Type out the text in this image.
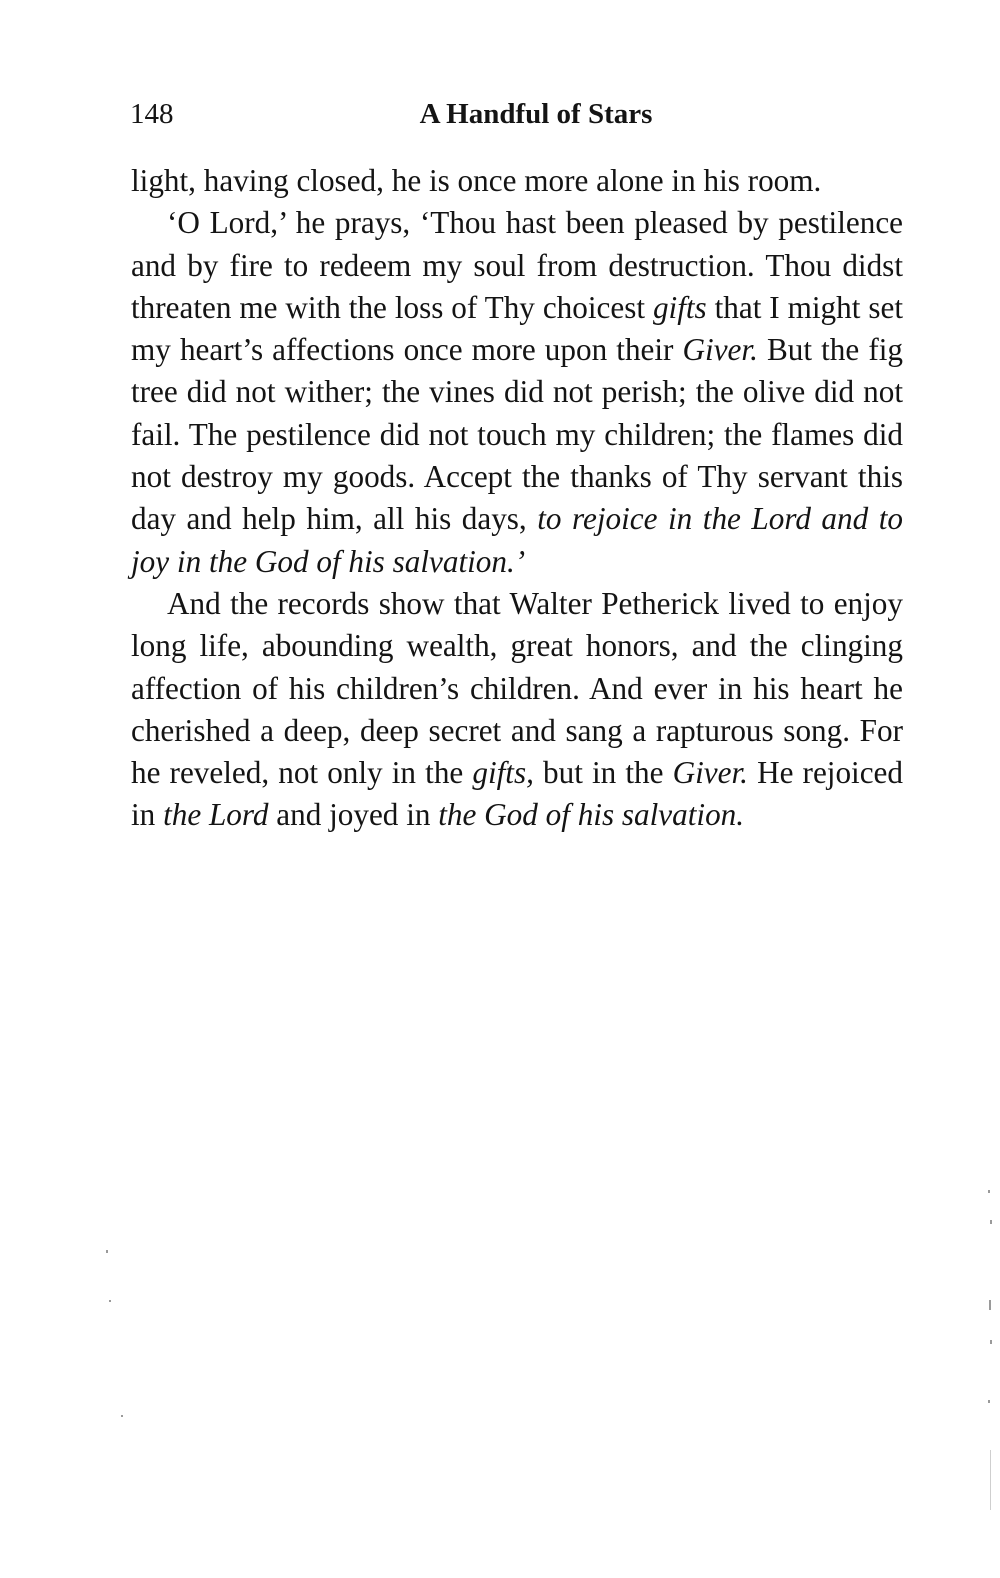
148	A Handful of Stars

light, having closed, he is once more alone in his room.

‘O Lord,’ he prays, ‘Thou hast been pleased by pestilence and by fire to redeem my soul from destruction. Thou didst threaten me with the loss of Thy choicest gifts that I might set my heart’s affections once more upon their Giver. But the fig tree did not wither; the vines did not perish; the olive did not fail. The pestilence did not touch my children; the flames did not destroy my goods. Accept the thanks of Thy servant this day and help him, all his days, to rejoice in the Lord and to joy in the God of his salvation.’

And the records show that Walter Petherick lived to enjoy long life, abounding wealth, great honors, and the clinging affection of his children’s children. And ever in his heart he cherished a deep, deep secret and sang a rapturous song. For he reveled, not only in the gifts, but in the Giver. He rejoiced in the Lord and joyed in the God of his salvation.
